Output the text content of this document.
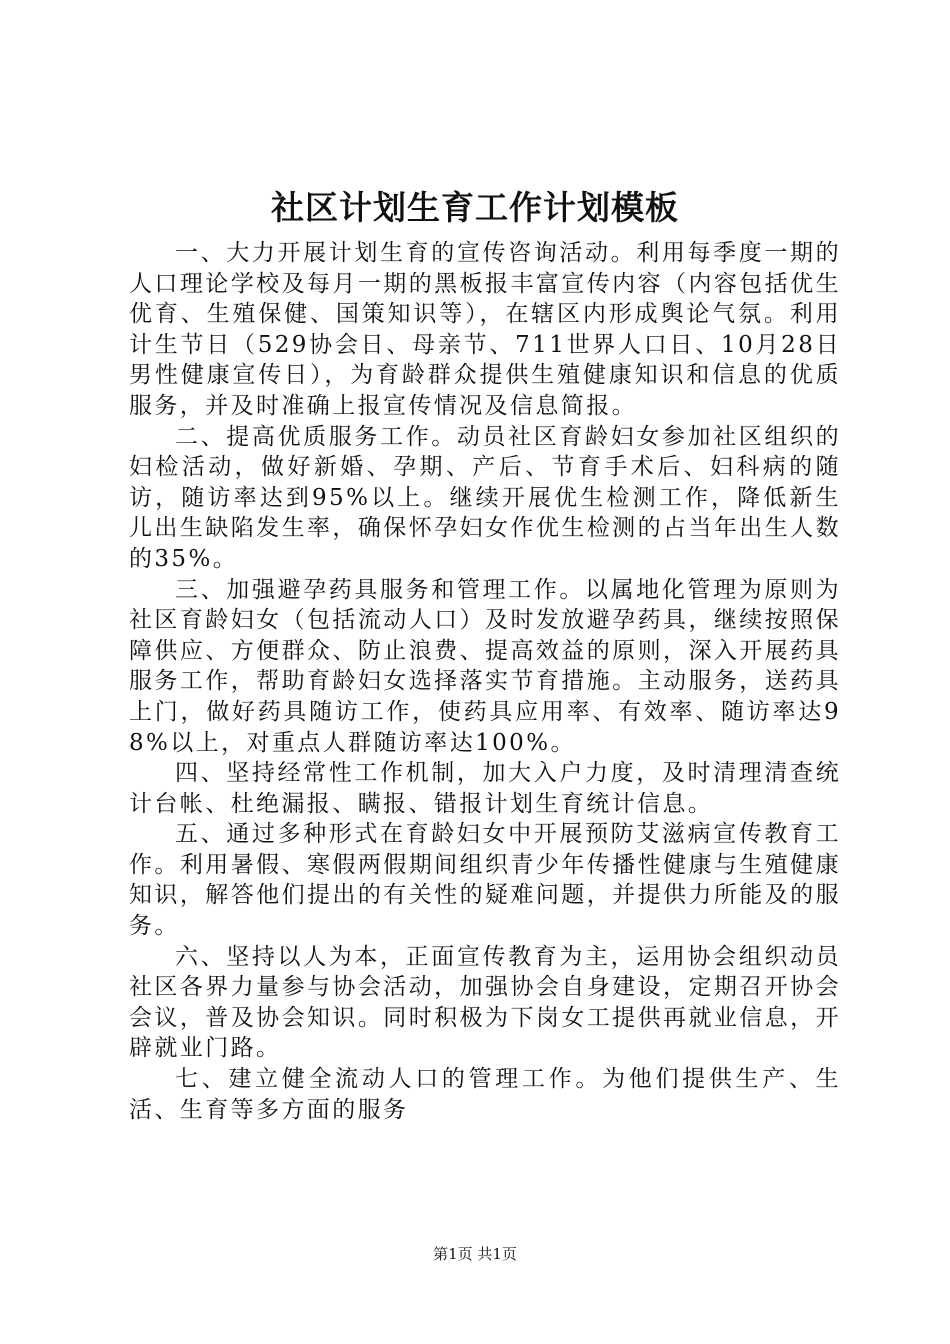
社区计划生育工作计划模板

一、大力开展计划生育的宣传咨询活动。利用每季度一期的人口理论学校及每月一期的黑板报丰富宣传内容（内容包括优生优育、生殖保健、国策知识等），在辖区内形成舆论气氛。利用计生节日（529协会日、母亲节、711世界人口日、10月28日男性健康宣传日），为育龄群众提供生殖健康知识和信息的优质服务，并及时准确上报宣传情况及信息简报。

二、提高优质服务工作。动员社区育龄妇女参加社区组织的妇检活动，做好新婚、孕期、产后、节育手术后、妇科病的随访，随访率达到95%以上。继续开展优生检测工作，降低新生儿出生缺陷发生率，确保怀孕妇女作优生检测的占当年出生人数的35%。

三、加强避孕药具服务和管理工作。以属地化管理为原则为社区育龄妇女（包括流动人口）及时发放避孕药具，继续按照保障供应、方便群众、防止浪费、提高效益的原则，深入开展药具服务工作，帮助育龄妇女选择落实节育措施。主动服务，送药具上门，做好药具随访工作，使药具应用率、有效率、随访率达98%以上，对重点人群随访率达100%。

四、坚持经常性工作机制，加大入户力度，及时清理清查统计台帐、杜绝漏报、瞒报、错报计划生育统计信息。

五、通过多种形式在育龄妇女中开展预防艾滋病宣传教育工作。利用暑假、寒假两假期间组织青少年传播性健康与生殖健康知识，解答他们提出的有关性的疑难问题，并提供力所能及的服务。

六、坚持以人为本，正面宣传教育为主，运用协会组织动员社区各界力量参与协会活动，加强协会自身建设，定期召开协会会议，普及协会知识。同时积极为下岗女工提供再就业信息，开辟就业门路。

七、建立健全流动人口的管理工作。为他们提供生产、生活、生育等多方面的服务

第1页 共1页
